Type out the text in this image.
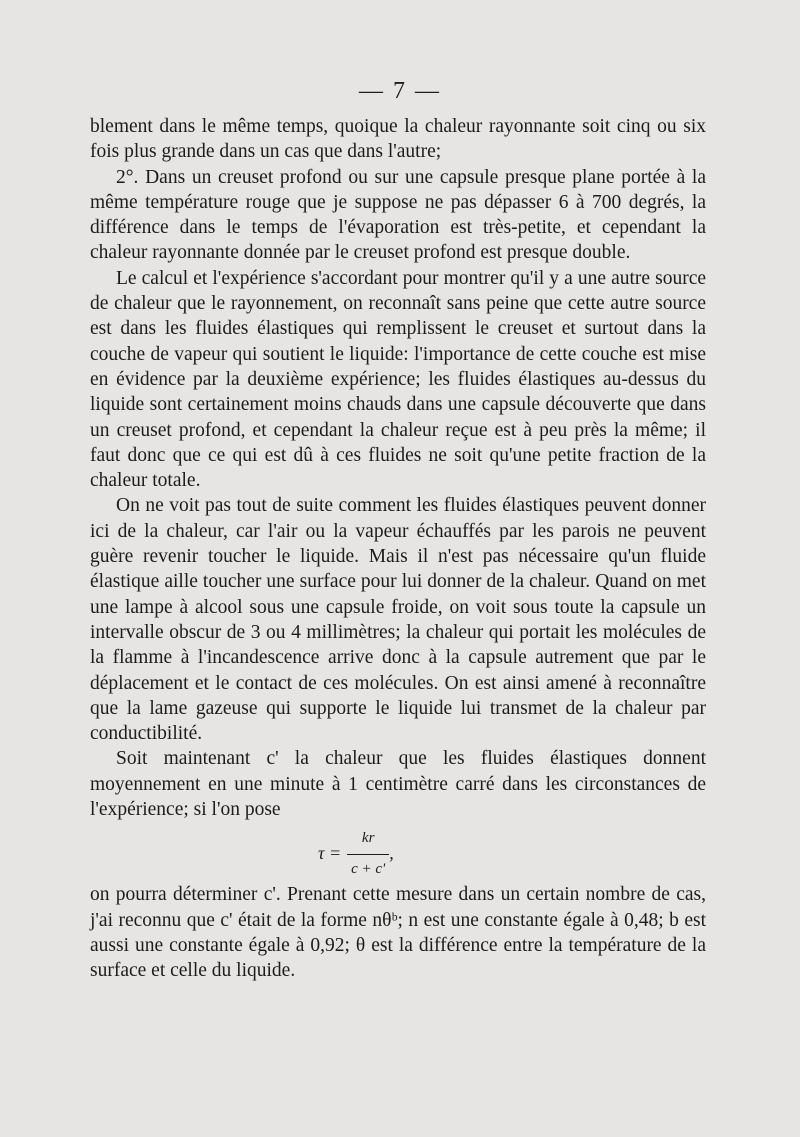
— 7 —

blement dans le même temps, quoique la chaleur rayonnante soit cinq ou six fois plus grande dans un cas que dans l'autre;

2°. Dans un creuset profond ou sur une capsule presque plane portée à la même température rouge que je suppose ne pas dépasser 6 à 700 degrés, la différence dans le temps de l'évaporation est très-petite, et cependant la chaleur rayonnante donnée par le creuset profond est presque double.

Le calcul et l'expérience s'accordant pour montrer qu'il y a une autre source de chaleur que le rayonnement, on reconnaît sans peine que cette autre source est dans les fluides élastiques qui remplissent le creuset et surtout dans la couche de vapeur qui soutient le liquide: l'importance de cette couche est mise en évidence par la deuxième expérience; les fluides élastiques au-dessus du liquide sont certainement moins chauds dans une capsule découverte que dans un creuset profond, et cependant la chaleur reçue est à peu près la même; il faut donc que ce qui est dû à ces fluides ne soit qu'une petite fraction de la chaleur totale.

On ne voit pas tout de suite comment les fluides élastiques peuvent donner ici de la chaleur, car l'air ou la vapeur échauffés par les parois ne peuvent guère revenir toucher le liquide. Mais il n'est pas nécessaire qu'un fluide élastique aille toucher une surface pour lui donner de la chaleur. Quand on met une lampe à alcool sous une capsule froide, on voit sous toute la capsule un intervalle obscur de 3 ou 4 millimètres; la chaleur qui portait les molécules de la flamme à l'incandescence arrive donc à la capsule autrement que par le déplacement et le contact de ces molécules. On est ainsi amené à reconnaître que la lame gazeuse qui supporte le liquide lui transmet de la chaleur par conductibilité.

Soit maintenant c' la chaleur que les fluides élastiques donnent moyennement en une minute à 1 centimètre carré dans les circonstances de l'expérience; si l'on pose

$\tau = \frac{kr}{c + c'}$ ,

on pourra déterminer c'. Prenant cette mesure dans un certain nombre de cas, j'ai reconnu que c' était de la forme nθᵇ; n est une constante égale à 0,48; b est aussi une constante égale à 0,92; θ est la différence entre la température de la surface et celle du liquide.
